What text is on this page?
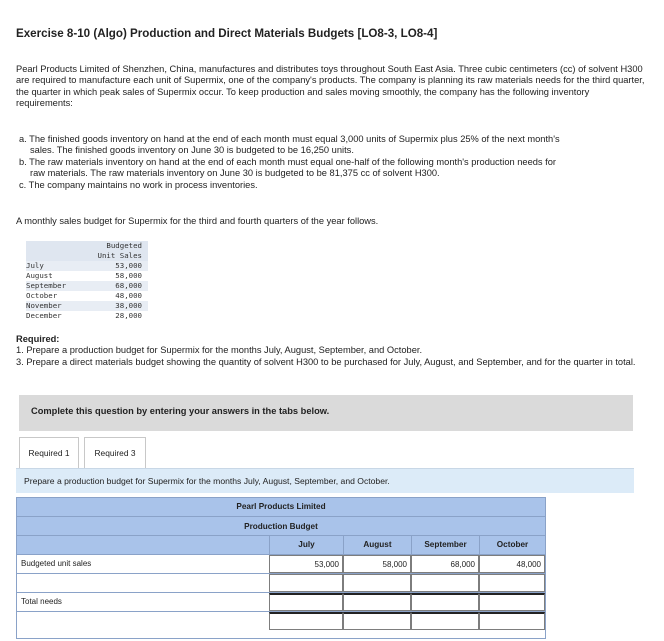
Exercise 8-10 (Algo) Production and Direct Materials Budgets [LO8-3, LO8-4]
Pearl Products Limited of Shenzhen, China, manufactures and distributes toys throughout South East Asia. Three cubic centimeters (cc) of solvent H300 are required to manufacture each unit of Supermix, one of the company's products. The company is planning its raw materials needs for the third quarter, the quarter in which peak sales of Supermix occur. To keep production and sales moving smoothly, the company has the following inventory requirements:
a. The finished goods inventory on hand at the end of each month must equal 3,000 units of Supermix plus 25% of the next month's
sales. The finished goods inventory on June 30 is budgeted to be 16,250 units.
b. The raw materials inventory on hand at the end of each month must equal one-half of the following month's production needs for
raw materials. The raw materials inventory on June 30 is budgeted to be 81,375 cc of solvent H300.
c. The company maintains no work in process inventories.
A monthly sales budget for Supermix for the third and fourth quarters of the year follows.
Budgeted
Unit Sales
July	53,000
August	58,000
September	68,000
October	48,000
November	38,000
December	28,000
Required:
1. Prepare a production budget for Supermix for the months July, August, September, and October.
3. Prepare a direct materials budget showing the quantity of solvent H300 to be purchased for July, August, and September, and for the quarter in total.
Complete this question by entering your answers in the tabs below.
Required 1	Required 3
Prepare a production budget for Supermix for the months July, August, September, and October.
Pearl Products Limited
Production Budget
July	August	September	October
Budgeted unit sales	53,000	58,000	68,000	48,000
Total needs
